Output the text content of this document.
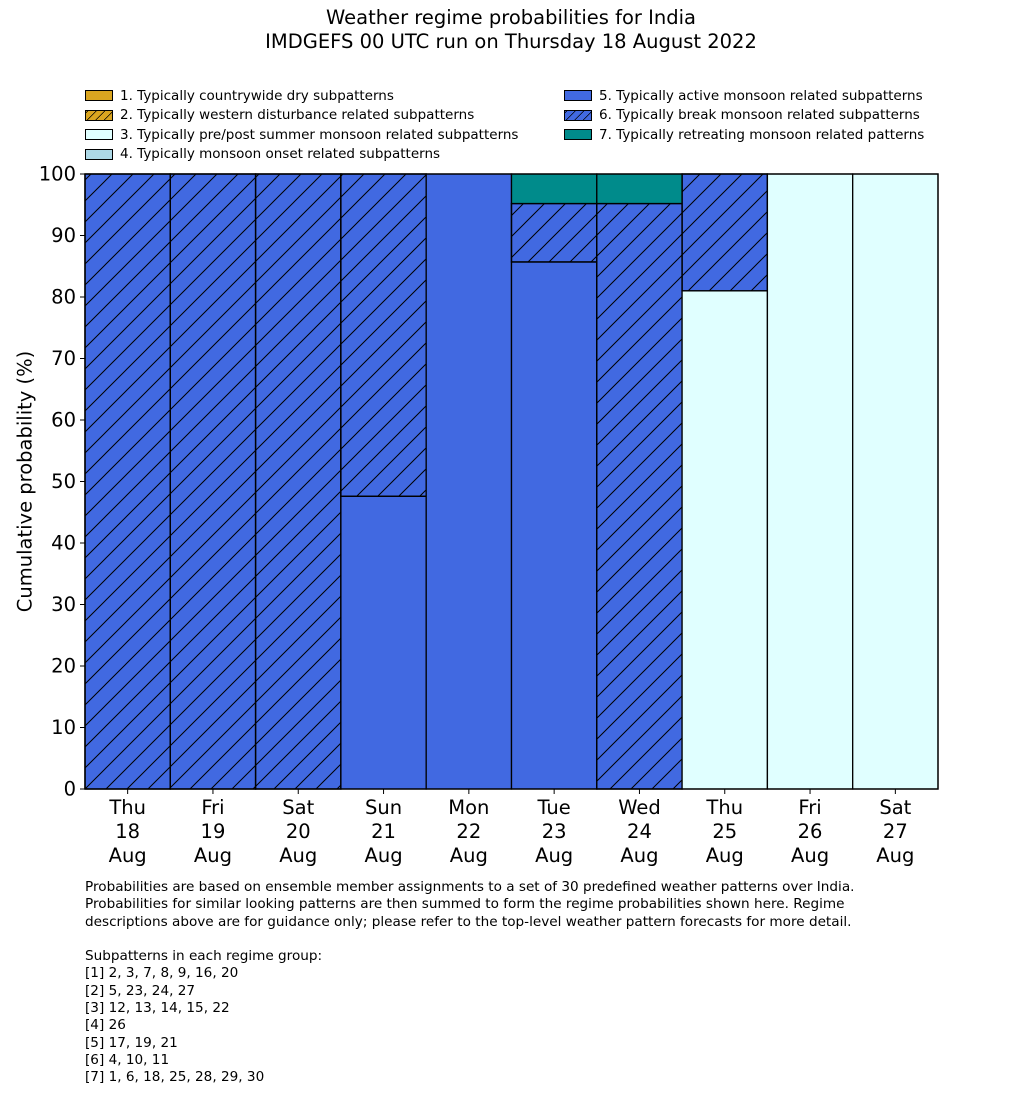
Weather regime probabilities for India
IMDGEFS 00 UTC run on Thursday 18 August 2022
1. Typically countrywide dry subpatterns
2. Typically western disturbance related subpatterns
3. Typically pre/post summer monsoon related subpatterns
4. Typically monsoon onset related subpatterns
5. Typically active monsoon related subpatterns
6. Typically break monsoon related subpatterns
7. Typically retreating monsoon related patterns
Cumulative probability (%)
0
10
20
30
40
50
60
70
80
90
100
Thu
18
Aug
Fri
19
Aug
Sat
20
Aug
Sun
21
Aug
Mon
22
Aug
Tue
23
Aug
Wed
24
Aug
Thu
25
Aug
Fri
26
Aug
Sat
27
Aug
Probabilities are based on ensemble member assignments to a set of 30 predefined weather patterns over India.
Probabilities for similar looking patterns are then summed to form the regime probabilities shown here. Regime
descriptions above are for guidance only; please refer to the top-level weather pattern forecasts for more detail.
Subpatterns in each regime group:
[1] 2, 3, 7, 8, 9, 16, 20
[2] 5, 23, 24, 27
[3] 12, 13, 14, 15, 22
[4] 26
[5] 17, 19, 21
[6] 4, 10, 11
[7] 1, 6, 18, 25, 28, 29, 30
